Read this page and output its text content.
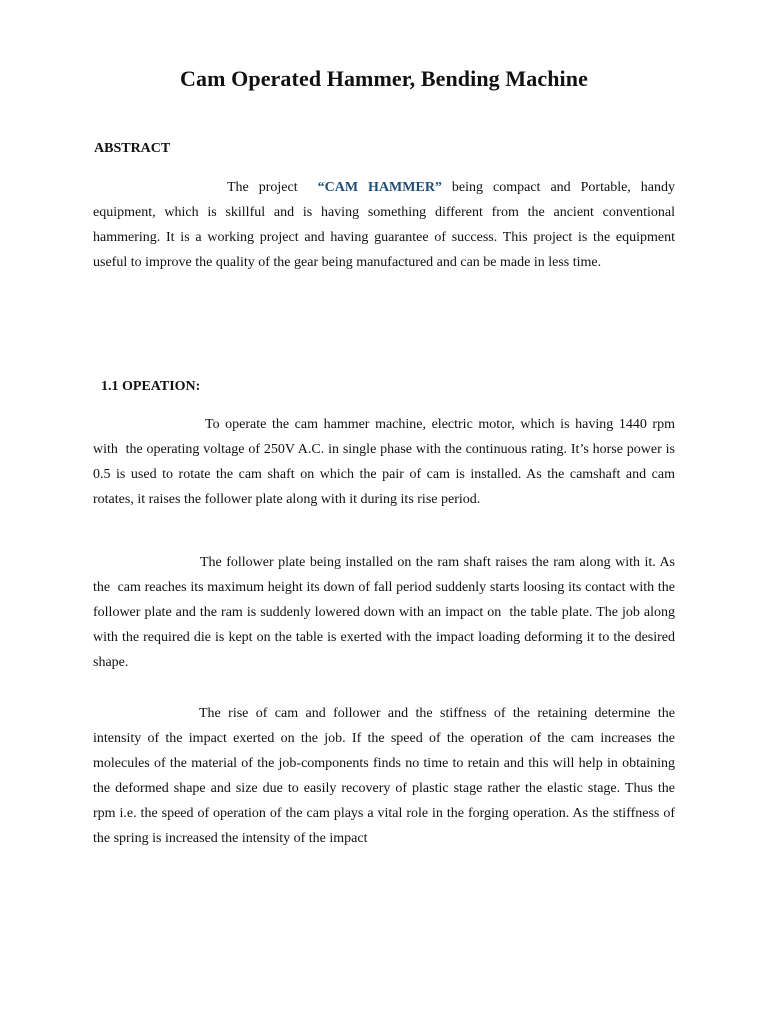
Cam Operated Hammer, Bending Machine
ABSTRACT

The project  “CAM HAMMER” being compact and Portable, handy equipment, which is skillful and is having something different from the ancient conventional hammering. It is a working project and having guarantee of success. This project is the equipment useful to improve the quality of the gear being manufactured and can be made in less time.

1.1 OPEATION:

To operate the cam hammer machine, electric motor, which is having 1440 rpm with  the operating voltage of 250V A.C. in single phase with the continuous rating. It’s horse power is 0.5 is used to rotate the cam shaft on which the pair of cam is installed. As the camshaft and cam rotates, it raises the follower plate along with it during its rise period.

The follower plate being installed on the ram shaft raises the ram along with it. As the  cam reaches its maximum height its down of fall period suddenly starts loosing its contact with the follower plate and the ram is suddenly lowered down with an impact on  the table plate. The job along with the required die is kept on the table is exerted with the impact loading deforming it to the desired shape.

The rise of cam and follower and the stiffness of the retaining determine the intensity of the impact exerted on the job. If the speed of the operation of the cam increases the molecules of the material of the job-components finds no time to retain and this will help in obtaining the deformed shape and size due to easily recovery of plastic stage rather the elastic stage. Thus the rpm i.e. the speed of operation of the cam plays a vital role in the forging operation. As the stiffness of the spring is increased the intensity of the impact
